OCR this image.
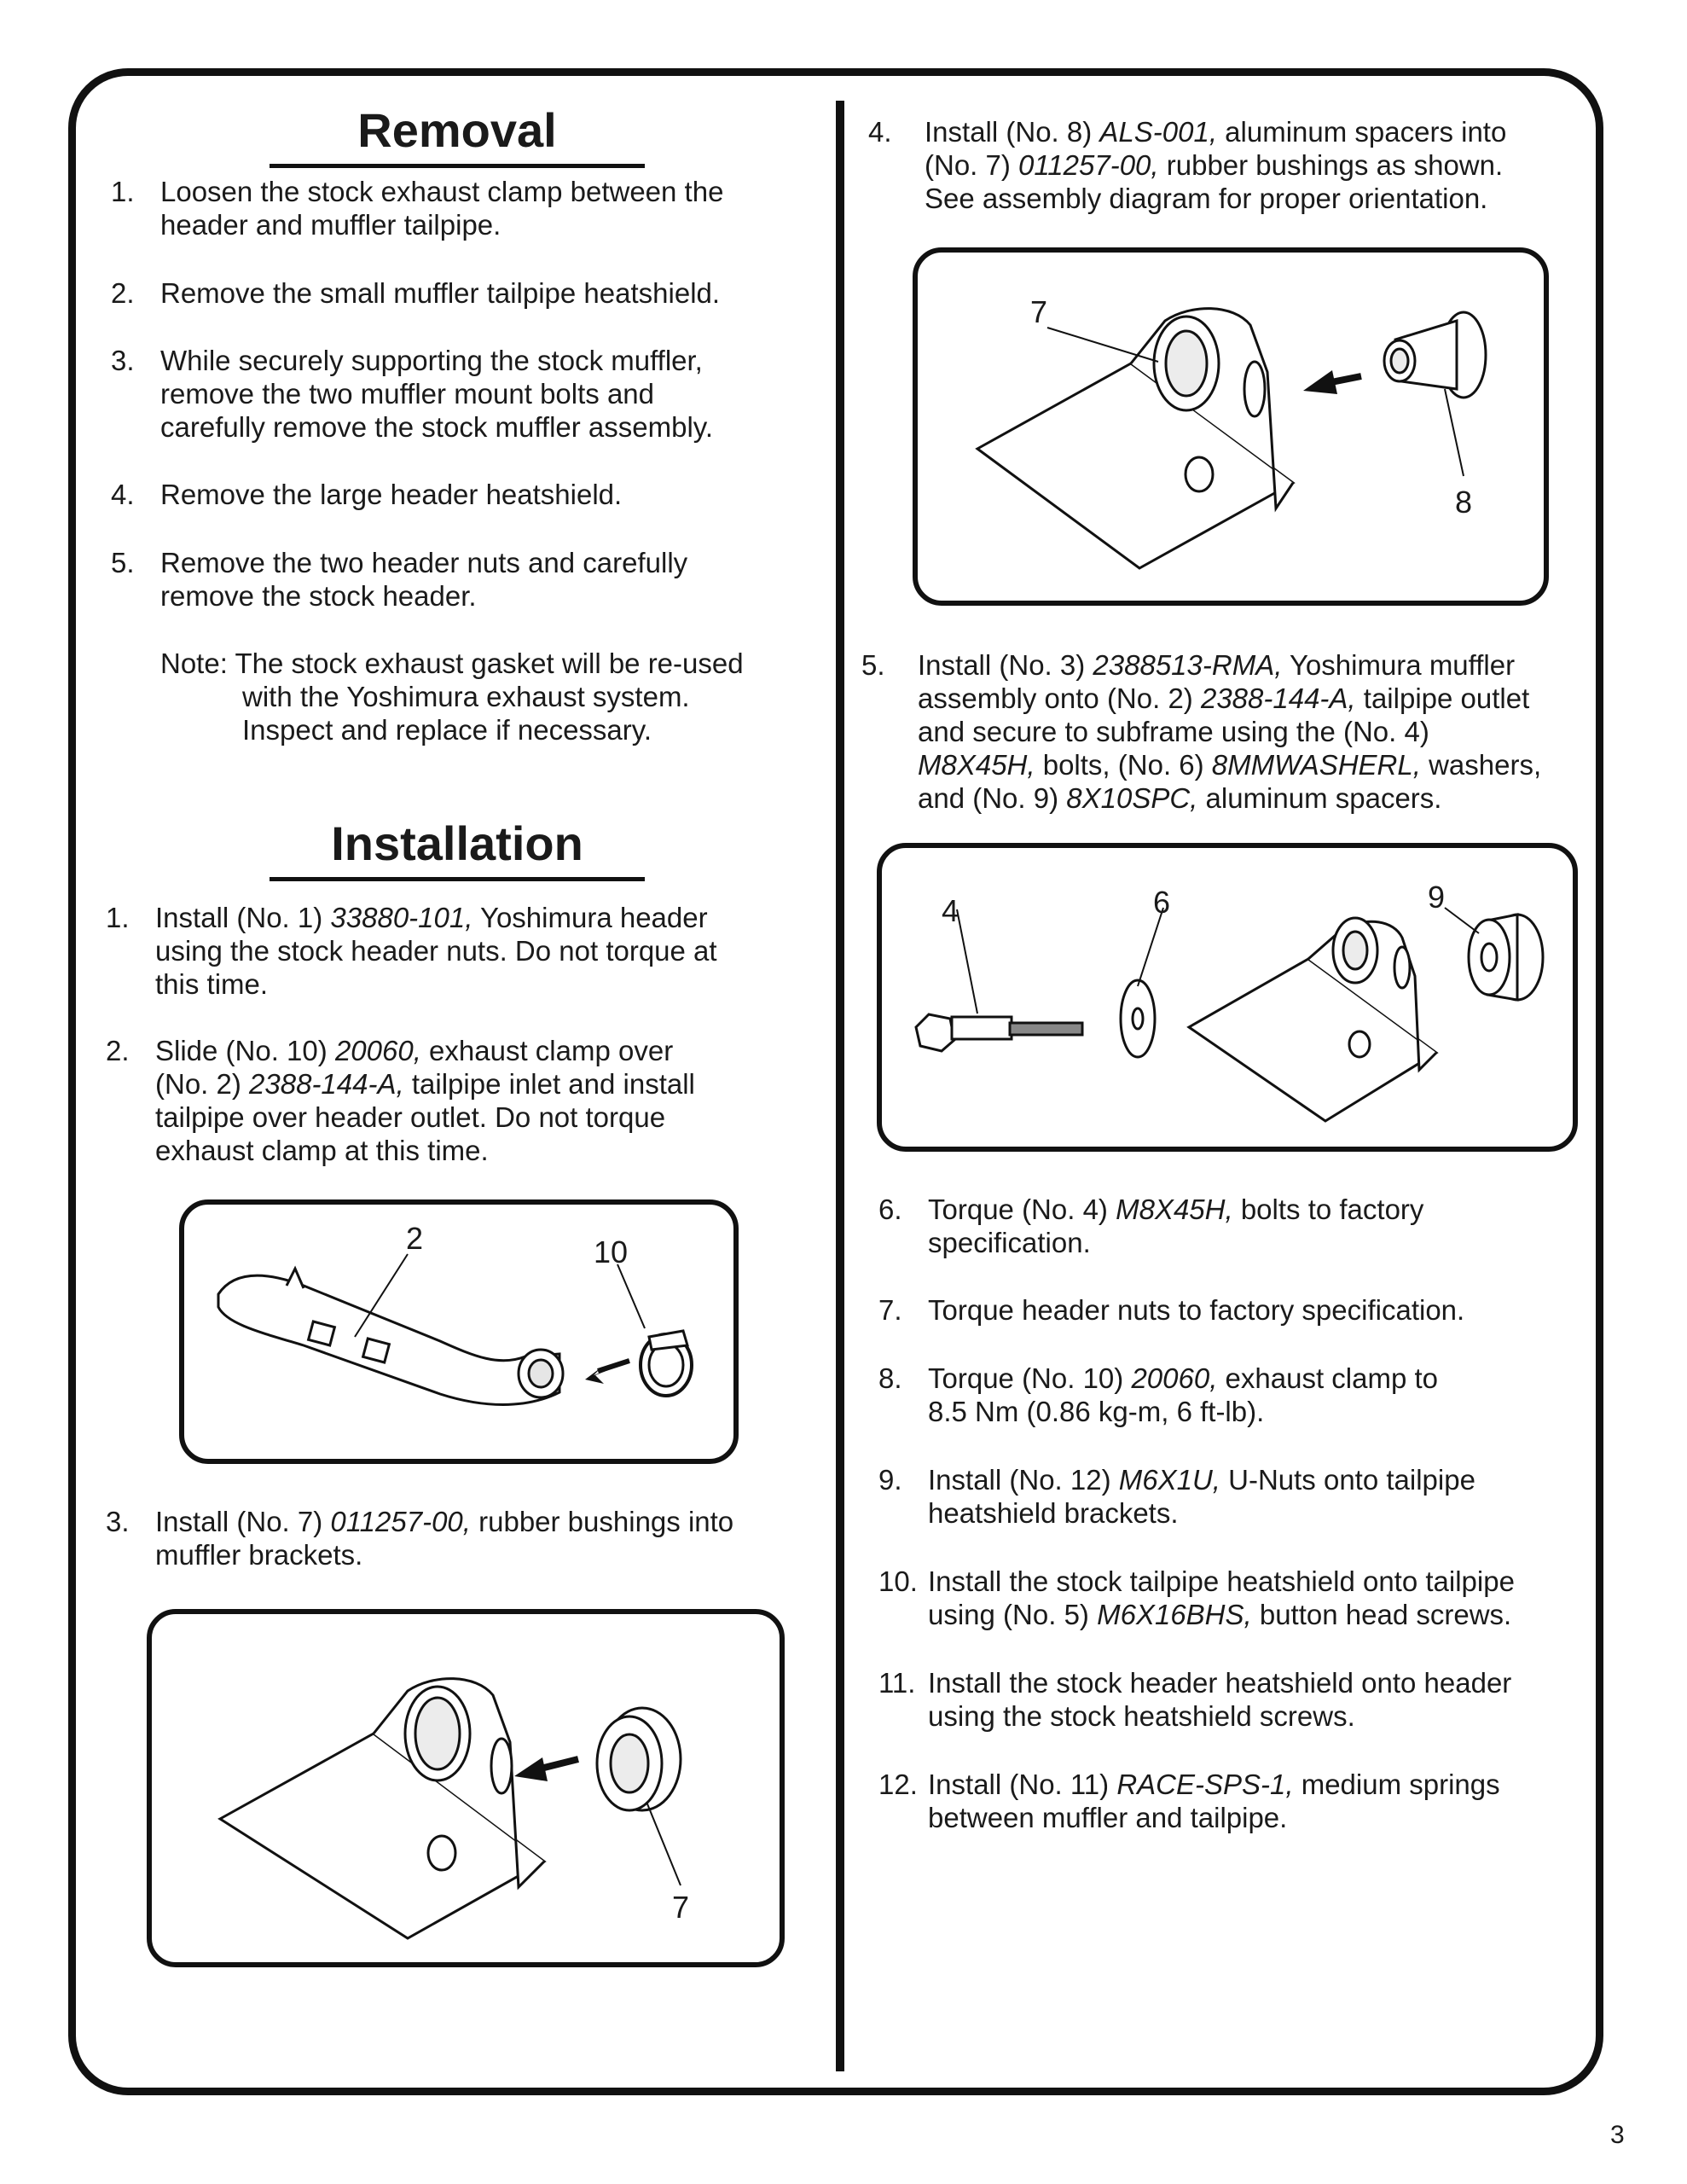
Removal
1. Loosen the stock exhaust clamp between the
header and muffler tailpipe.
2. Remove the small muffler tailpipe heatshield.
3. While securely supporting the stock muffler,
remove the two muffler mount bolts and
carefully remove the stock muffler assembly.
4. Remove the large header heatshield.
5. Remove the two header nuts and carefully
remove the stock header.
Note: The stock exhaust gasket will be re-used
with the Yoshimura exhaust system.
Inspect and replace if necessary.
Installation
1. Install (No. 1) 33880-101, Yoshimura header
using the stock header nuts. Do not torque at
this time.
2. Slide (No. 10) 20060, exhaust clamp over
(No. 2) 2388-144-A, tailpipe inlet and install
tailpipe over header outlet. Do not torque
exhaust clamp at this time.
2	10
3. Install (No. 7) 011257-00, rubber bushings into
muffler brackets.
7
4.	Install (No. 8) ALS-001, aluminum spacers into
(No. 7) 011257-00, rubber bushings as shown.
See assembly diagram for proper orientation.
7
8
5.	Install (No. 3) 2388513-RMA, Yoshimura muffler
assembly onto (No. 2) 2388-144-A, tailpipe outlet
and secure to subframe using the (No. 4)
M8X45H, bolts, (No. 6) 8MMWASHERL, washers,
and (No. 9) 8X10SPC, aluminum spacers.
4	6	9
6. Torque (No. 4) M8X45H, bolts to factory
specification.
7. Torque header nuts to factory specification.
8. Torque (No. 10) 20060, exhaust clamp to
8.5 Nm (0.86 kg-m, 6 ft-lb).
9. Install (No. 12) M6X1U, U-Nuts onto tailpipe
heatshield brackets.
10. Install the stock tailpipe heatshield onto tailpipe
using (No. 5) M6X16BHS, button head screws.
11. Install the stock header heatshield onto header
using the stock heatshield screws.
12. Install (No. 11) RACE-SPS-1, medium springs
between muffler and tailpipe.
3
